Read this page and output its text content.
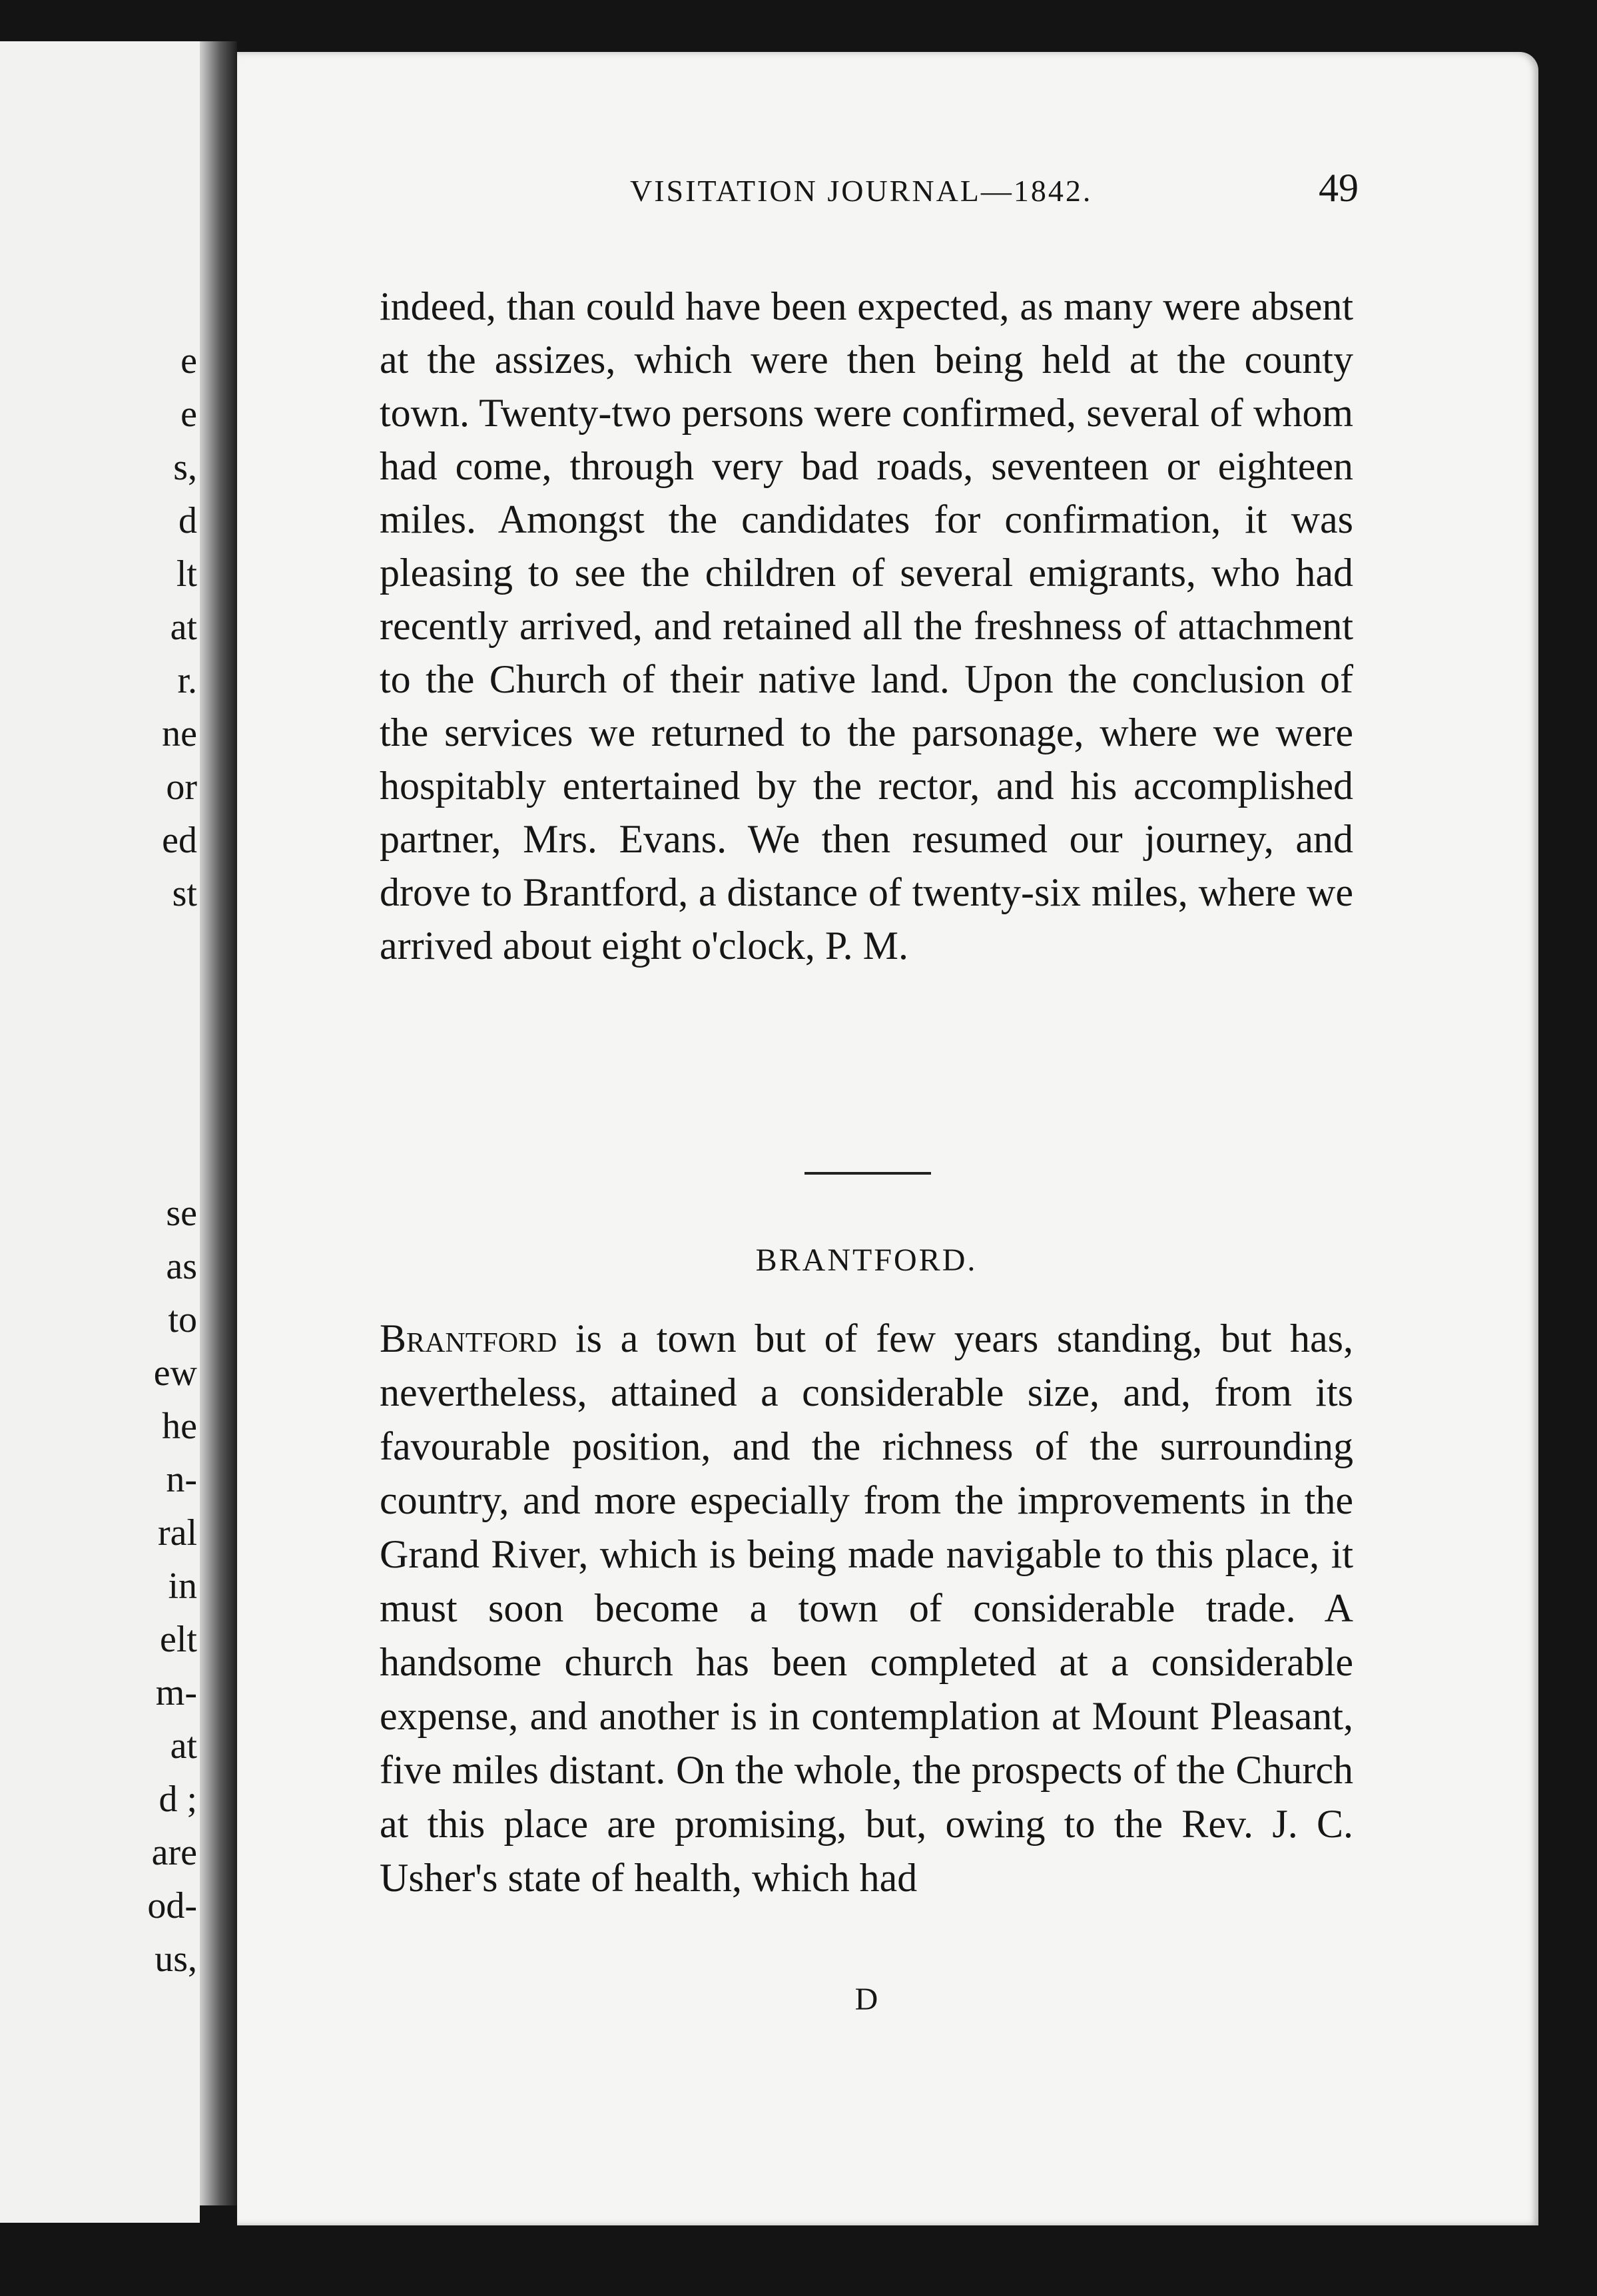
e
e
s,
d
lt
at
r.
ne
or
ed
st
se
as
to
ew
he
n-
ral
in
elt
m-
at
d ;
are
od-
us,
VISITATION JOURNAL—1842.	49

indeed, than could have been expected, as many were absent at the assizes, which were then being held at the county town. Twenty-two persons were confirmed, several of whom had come, through very bad roads, seventeen or eighteen miles. Amongst the candidates for confirmation, it was pleasing to see the children of several emigrants, who had recently arrived, and retained all the freshness of attachment to the Church of their native land. Upon the conclusion of the services we returned to the parsonage, where we were hospitably entertained by the rector, and his accomplished partner, Mrs. Evans. We then resumed our journey, and drove to Brantford, a distance of twenty-six miles, where we arrived about eight o'clock, P. M.

BRANTFORD.

Brantford is a town but of few years standing, but has, nevertheless, attained a considerable size, and, from its favourable position, and the richness of the surrounding country, and more especially from the improvements in the Grand River, which is being made navigable to this place, it must soon become a town of considerable trade. A handsome church has been completed at a considerable expense, and another is in contemplation at Mount Pleasant, five miles distant. On the whole, the prospects of the Church at this place are promising, but, owing to the Rev. J. C. Usher's state of health, which had

D
